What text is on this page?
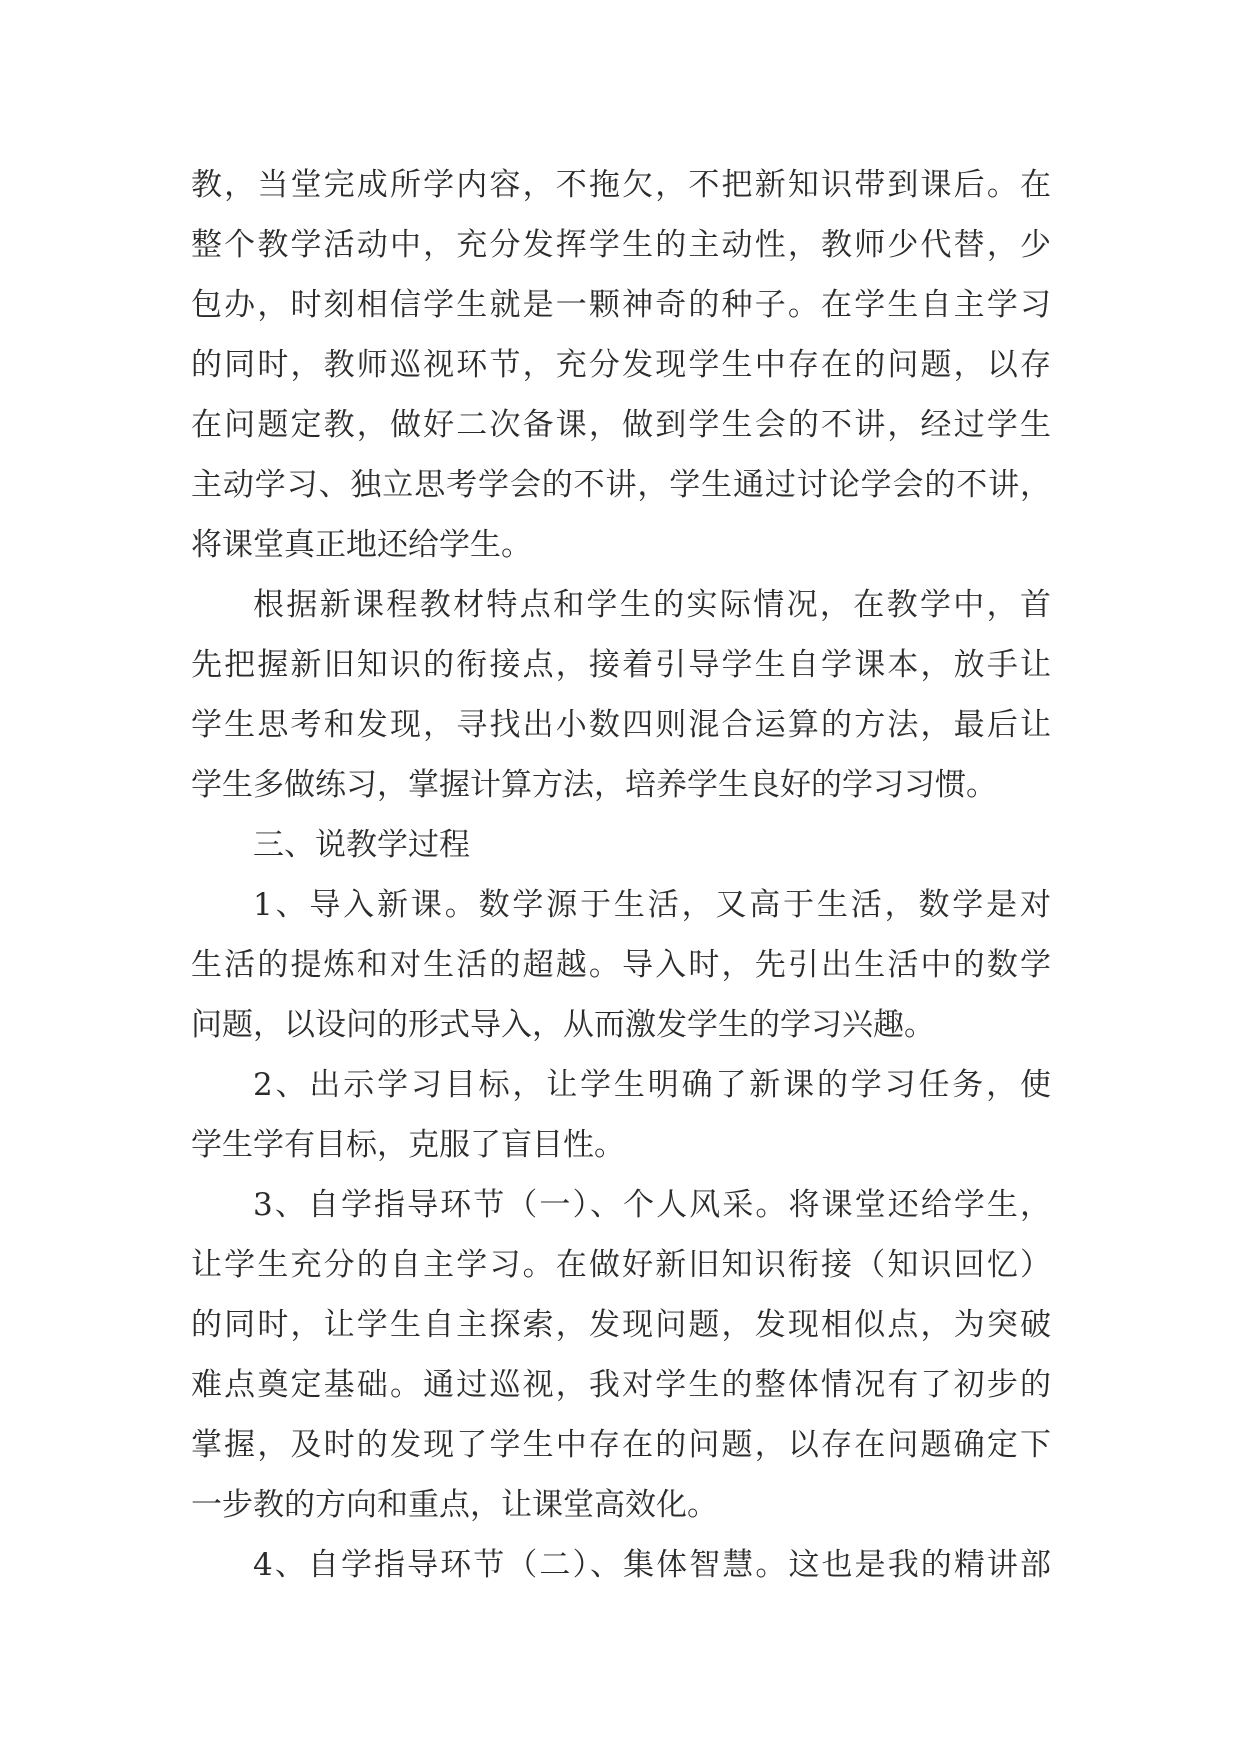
教，当堂完成所学内容，不拖欠，不把新知识带到课后。在
整个教学活动中，充分发挥学生的主动性，教师少代替，少
包办，时刻相信学生就是一颗神奇的种子。在学生自主学习
的同时，教师巡视环节，充分发现学生中存在的问题，以存
在问题定教，做好二次备课，做到学生会的不讲，经过学生
主动学习、独立思考学会的不讲，学生通过讨论学会的不讲，
将课堂真正地还给学生。
根据新课程教材特点和学生的实际情况，在教学中，首
先把握新旧知识的衔接点，接着引导学生自学课本，放手让
学生思考和发现，寻找出小数四则混合运算的方法，最后让
学生多做练习，掌握计算方法，培养学生良好的学习习惯。
三、说教学过程
1、导入新课。数学源于生活，又高于生活，数学是对
生活的提炼和对生活的超越。导入时，先引出生活中的数学
问题，以设问的形式导入，从而激发学生的学习兴趣。
2、出示学习目标，让学生明确了新课的学习任务，使
学生学有目标，克服了盲目性。
3、自学指导环节（一）、个人风采。将课堂还给学生，
让学生充分的自主学习。在做好新旧知识衔接（知识回忆）
的同时，让学生自主探索，发现问题，发现相似点，为突破
难点奠定基础。通过巡视，我对学生的整体情况有了初步的
掌握，及时的发现了学生中存在的问题，以存在问题确定下
一步教的方向和重点，让课堂高效化。
4、自学指导环节（二）、集体智慧。这也是我的精讲部
